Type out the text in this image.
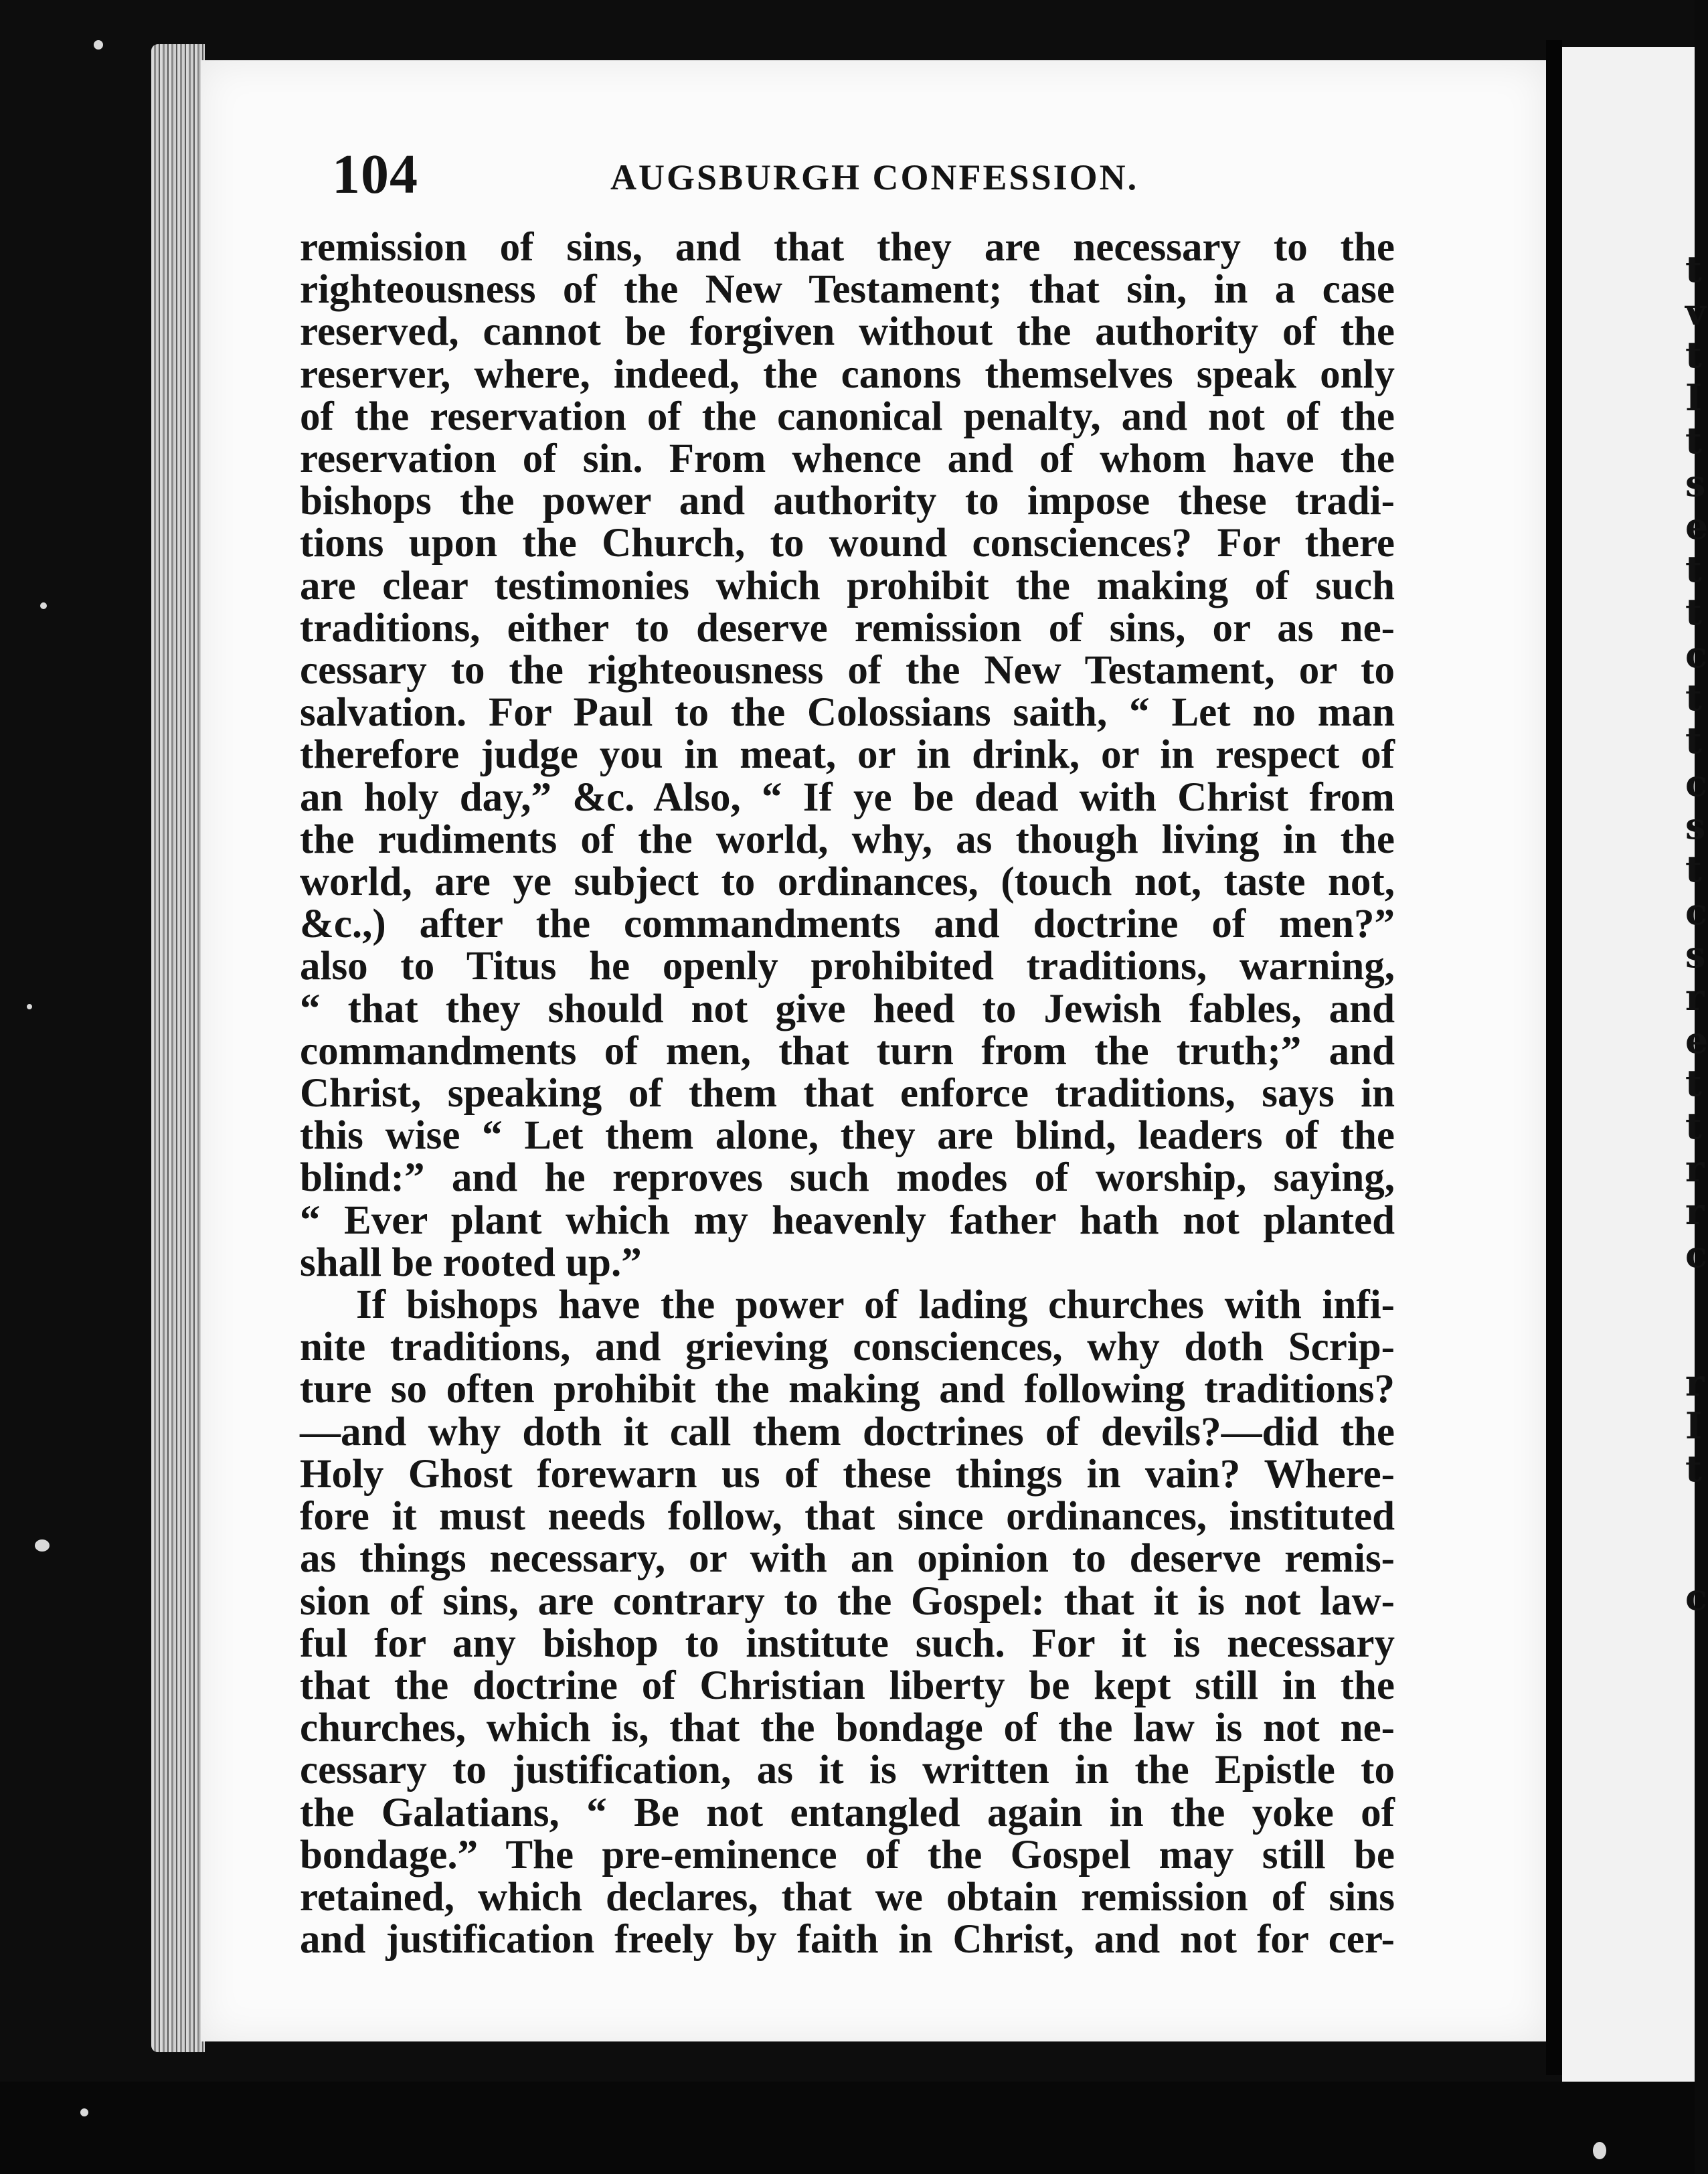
t
v
t
I
t
s
e
t
t
c
t
t
c
s
t
c
s
r
e
t
t
r
r
c

r
I
t

c
104	AUGSBURGH CONFESSION.
remission of sins, and that they are necessary to the
righteousness of the New Testament; that sin, in a case
reserved, cannot be forgiven without the authority of the
reserver, where, indeed, the canons themselves speak only
of the reservation of the canonical penalty, and not of the
reservation of sin. From whence and of whom have the
bishops the power and authority to impose these tradi-
tions upon the Church, to wound consciences? For there
are clear testimonies which prohibit the making of such
traditions, either to deserve remission of sins, or as ne-
cessary to the righteousness of the New Testament, or to
salvation. For Paul to the Colossians saith, “ Let no man
therefore judge you in meat, or in drink, or in respect of
an holy day,” &c. Also, “ If ye be dead with Christ from
the rudiments of the world, why, as though living in the
world, are ye subject to ordinances, (touch not, taste not,
&c.,) after the commandments and doctrine of men?”
also to Titus he openly prohibited traditions, warning,
“ that they should not give heed to Jewish fables, and
commandments of men, that turn from the truth;” and
Christ, speaking of them that enforce traditions, says in
this wise “ Let them alone, they are blind, leaders of the
blind:” and he reproves such modes of worship, saying,
“ Ever plant which my heavenly father hath not planted
shall be rooted up.”
If bishops have the power of lading churches with infi-
nite traditions, and grieving consciences, why doth Scrip-
ture so often prohibit the making and following traditions?
—and why doth it call them doctrines of devils?—did the
Holy Ghost forewarn us of these things in vain? Where-
fore it must needs follow, that since ordinances, instituted
as things necessary, or with an opinion to deserve remis-
sion of sins, are contrary to the Gospel: that it is not law-
ful for any bishop to institute such. For it is necessary
that the doctrine of Christian liberty be kept still in the
churches, which is, that the bondage of the law is not ne-
cessary to justification, as it is written in the Epistle to
the Galatians, “ Be not entangled again in the yoke of
bondage.” The pre-eminence of the Gospel may still be
retained, which declares, that we obtain remission of sins
and justification freely by faith in Christ, and not for cer-
